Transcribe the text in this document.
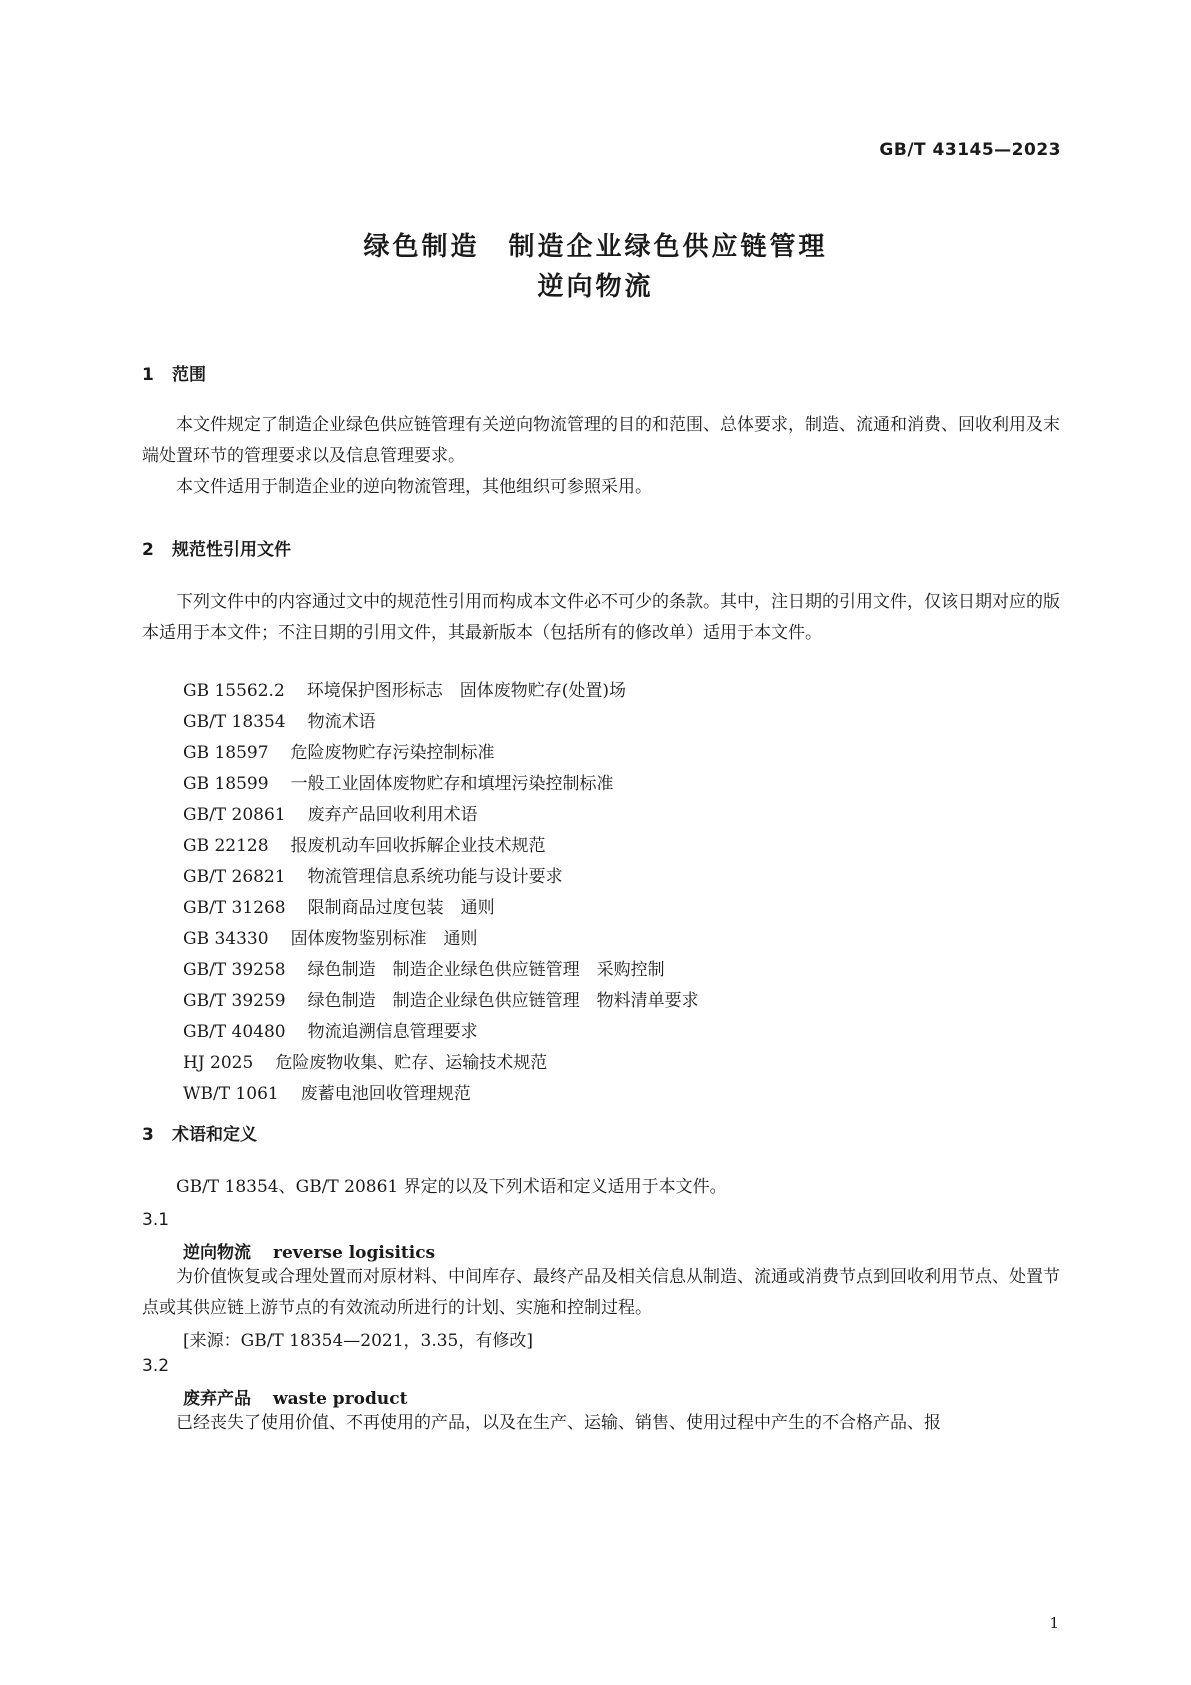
GB/T 43145—2023
绿色制造　制造企业绿色供应链管理
逆向物流
1 范围
本文件规定了制造企业绿色供应链管理有关逆向物流管理的目的和范围、总体要求，制造、流通和消费、回收利用及末端处置环节的管理要求以及信息管理要求。
本文件适用于制造企业的逆向物流管理，其他组织可参照采用。
2 规范性引用文件
下列文件中的内容通过文中的规范性引用而构成本文件必不可少的条款。其中，注日期的引用文件，仅该日期对应的版本适用于本文件；不注日期的引用文件，其最新版本（包括所有的修改单）适用于本文件。
GB 15562.2 环境保护图形标志　固体废物贮存(处置)场
GB/T 18354 物流术语
GB 18597 危险废物贮存污染控制标准
GB 18599 一般工业固体废物贮存和填埋污染控制标准
GB/T 20861 废弃产品回收利用术语
GB 22128 报废机动车回收拆解企业技术规范
GB/T 26821 物流管理信息系统功能与设计要求
GB/T 31268 限制商品过度包装　通则
GB 34330 固体废物鉴别标准　通则
GB/T 39258 绿色制造　制造企业绿色供应链管理　采购控制
GB/T 39259 绿色制造　制造企业绿色供应链管理　物料清单要求
GB/T 40480 物流追溯信息管理要求
HJ 2025 危险废物收集、贮存、运输技术规范
WB/T 1061 废蓄电池回收管理规范
3 术语和定义
GB/T 18354、GB/T 20861 界定的以及下列术语和定义适用于本文件。
3.1
逆向物流 reverse logisitics
为价值恢复或合理处置而对原材料、中间库存、最终产品及相关信息从制造、流通或消费节点到回收利用节点、处置节点或其供应链上游节点的有效流动所进行的计划、实施和控制过程。
[来源：GB/T 18354—2021，3.35，有修改]
3.2
废弃产品 waste product
已经丧失了使用价值、不再使用的产品，以及在生产、运输、销售、使用过程中产生的不合格产品、报
1
